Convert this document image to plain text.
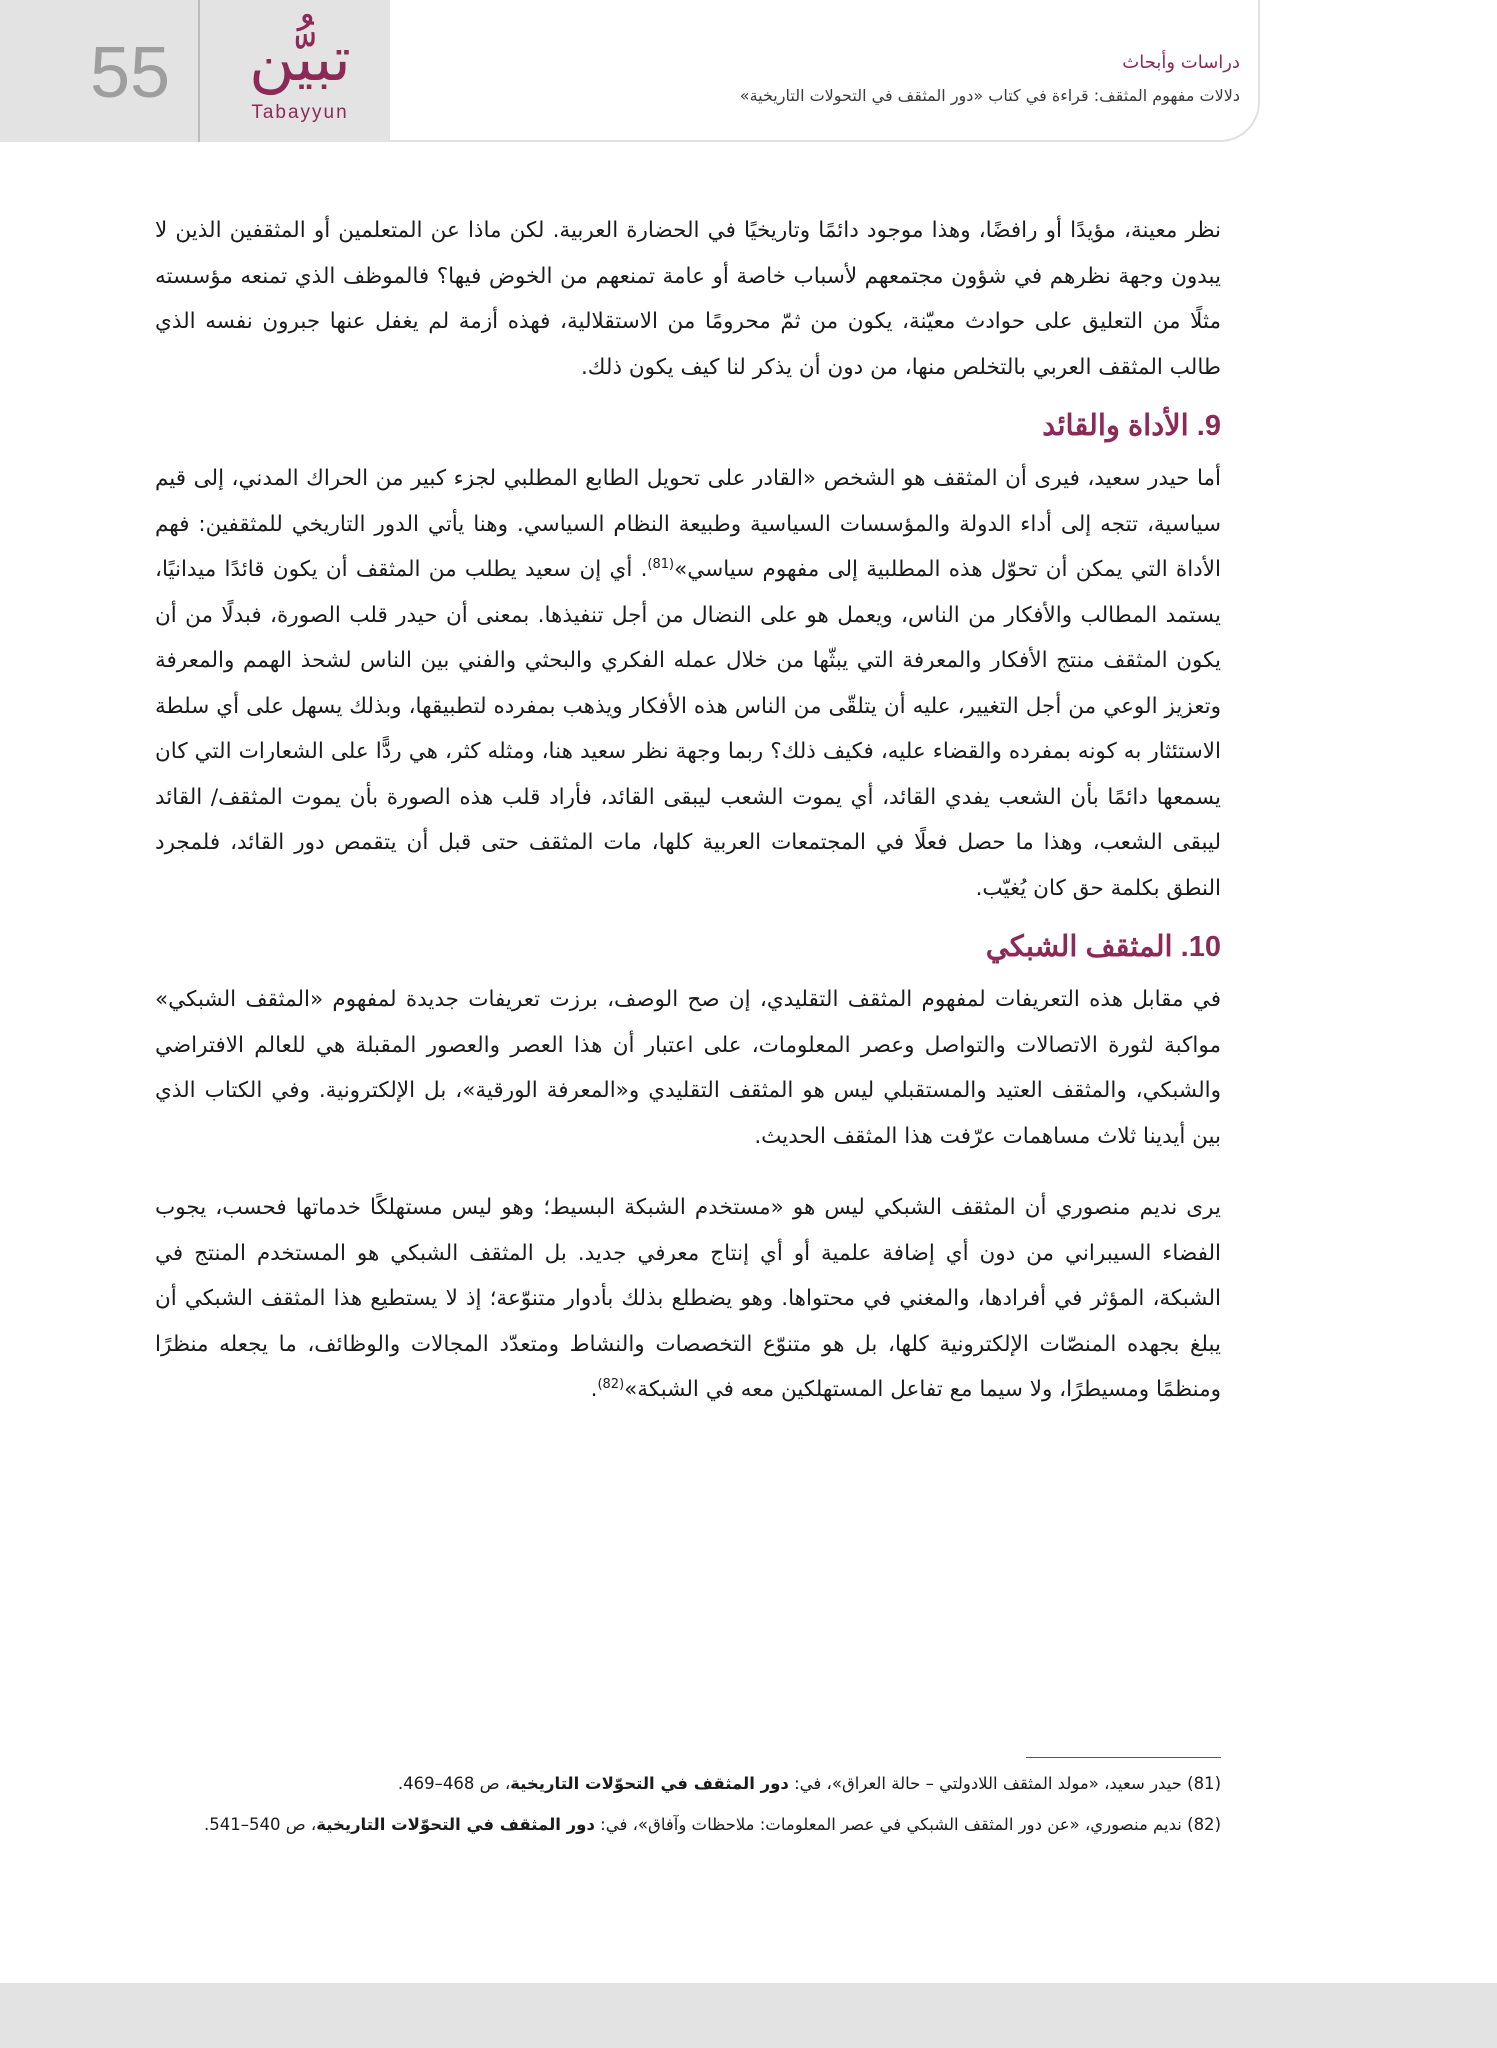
55	تبيُّن
Tabayyun
دراسات وأبحاث
دلالات مفهوم المثقف: قراءة في كتاب «دور المثقف في التحولات التاريخية»

نظر معينة، مؤيدًا أو رافضًا، وهذا موجود دائمًا وتاريخيًا في الحضارة العربية. لكن ماذا عن المتعلمين أو المثقفين الذين لا يبدون وجهة نظرهم في شؤون مجتمعهم لأسباب خاصة أو عامة تمنعهم من الخوض فيها؟ فالموظف الذي تمنعه مؤسسته مثلًا من التعليق على حوادث معيّنة، يكون من ثمّ محرومًا من الاستقلالية، فهذه أزمة لم يغفل عنها جبرون نفسه الذي طالب المثقف العربي بالتخلص منها، من دون أن يذكر لنا كيف يكون ذلك.

9. الأداة والقائد

أما حيدر سعيد، فيرى أن المثقف هو الشخص «القادر على تحويل الطابع المطلبي لجزء كبير من الحراك المدني، إلى قيم سياسية، تتجه إلى أداء الدولة والمؤسسات السياسية وطبيعة النظام السياسي. وهنا يأتي الدور التاريخي للمثقفين: فهم الأداة التي يمكن أن تحوّل هذه المطلبية إلى مفهوم سياسي»$^{(81)}$. أي إن سعيد يطلب من المثقف أن يكون قائدًا ميدانيًا، يستمد المطالب والأفكار من الناس، ويعمل هو على النضال من أجل تنفيذها. بمعنى أن حيدر قلب الصورة، فبدلًا من أن يكون المثقف منتج الأفكار والمعرفة التي يبثّها من خلال عمله الفكري والبحثي والفني بين الناس لشحذ الهمم والمعرفة وتعزيز الوعي من أجل التغيير، عليه أن يتلقّى من الناس هذه الأفكار ويذهب بمفرده لتطبيقها، وبذلك يسهل على أي سلطة الاستئثار به كونه بمفرده والقضاء عليه، فكيف ذلك؟ ربما وجهة نظر سعيد هنا، ومثله كثر، هي ردًّا على الشعارات التي كان يسمعها دائمًا بأن الشعب يفدي القائد، أي يموت الشعب ليبقى القائد، فأراد قلب هذه الصورة بأن يموت المثقف/ القائد ليبقى الشعب، وهذا ما حصل فعلًا في المجتمعات العربية كلها، مات المثقف حتى قبل أن يتقمص دور القائد، فلمجرد النطق بكلمة حق كان يُغيّب.

10. المثقف الشبكي

في مقابل هذه التعريفات لمفهوم المثقف التقليدي، إن صح الوصف، برزت تعريفات جديدة لمفهوم «المثقف الشبكي» مواكبة لثورة الاتصالات والتواصل وعصر المعلومات، على اعتبار أن هذا العصر والعصور المقبلة هي للعالم الافتراضي والشبكي، والمثقف العتيد والمستقبلي ليس هو المثقف التقليدي و«المعرفة الورقية»، بل الإلكترونية. وفي الكتاب الذي بين أيدينا ثلاث مساهمات عرّفت هذا المثقف الحديث.

يرى نديم منصوري أن المثقف الشبكي ليس هو «مستخدم الشبكة البسيط؛ وهو ليس مستهلكًا خدماتها فحسب، يجوب الفضاء السيبراني من دون أي إضافة علمية أو أي إنتاج معرفي جديد. بل المثقف الشبكي هو المستخدم المنتج في الشبكة، المؤثر في أفرادها، والمغني في محتواها. وهو يضطلع بذلك بأدوار متنوّعة؛ إذ لا يستطيع هذا المثقف الشبكي أن يبلغ بجهده المنصّات الإلكترونية كلها، بل هو متنوّع التخصصات والنشاط ومتعدّد المجالات والوظائف، ما يجعله منظرًا ومنظمًا ومسيطرًا، ولا سيما مع تفاعل المستهلكين معه في الشبكة»$^{(82)}$.

(81) حيدر سعيد، «مولد المثقف اللادولتي – حالة العراق»، في: دور المثقف في التحوّلات التاريخية، ص 468–469.

(82) نديم منصوري، «عن دور المثقف الشبكي في عصر المعلومات: ملاحظات وآفاق»، في: دور المثقف في التحوّلات التاريخية، ص 540–541.
